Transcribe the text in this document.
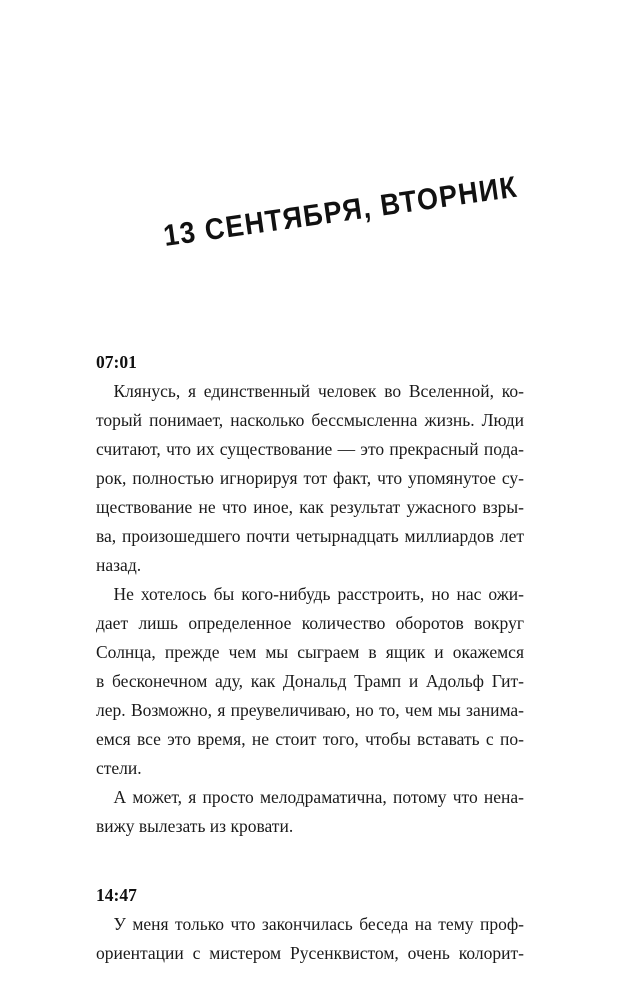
13 СЕНТЯБРЯ, ВТОРНИК
07:01

Клянусь, я единственный человек во Вселенной, ко-
торый понимает, насколько бессмысленна жизнь. Люди
считают, что их существование — это прекрасный пода-
рок, полностью игнорируя тот факт, что упомянутое су-
ществование не что иное, как результат ужасного взры-
ва, произошедшего почти четырнадцать миллиардов лет
назад.

Не хотелось бы кого-нибудь расстроить, но нас ожи-
дает лишь определенное количество оборотов вокруг
Солнца, прежде чем мы сыграем в ящик и окажемся
в бесконечном аду, как Дональд Трамп и Адольф Гит-
лер. Возможно, я преувеличиваю, но то, чем мы занима-
емся все это время, не стоит того, чтобы вставать с по-
стели.

А может, я просто мелодраматична, потому что нена-
вижу вылезать из кровати.

14:47

У меня только что закончилась беседа на тему проф-
ориентации с мистером Русенквистом, очень колорит-
